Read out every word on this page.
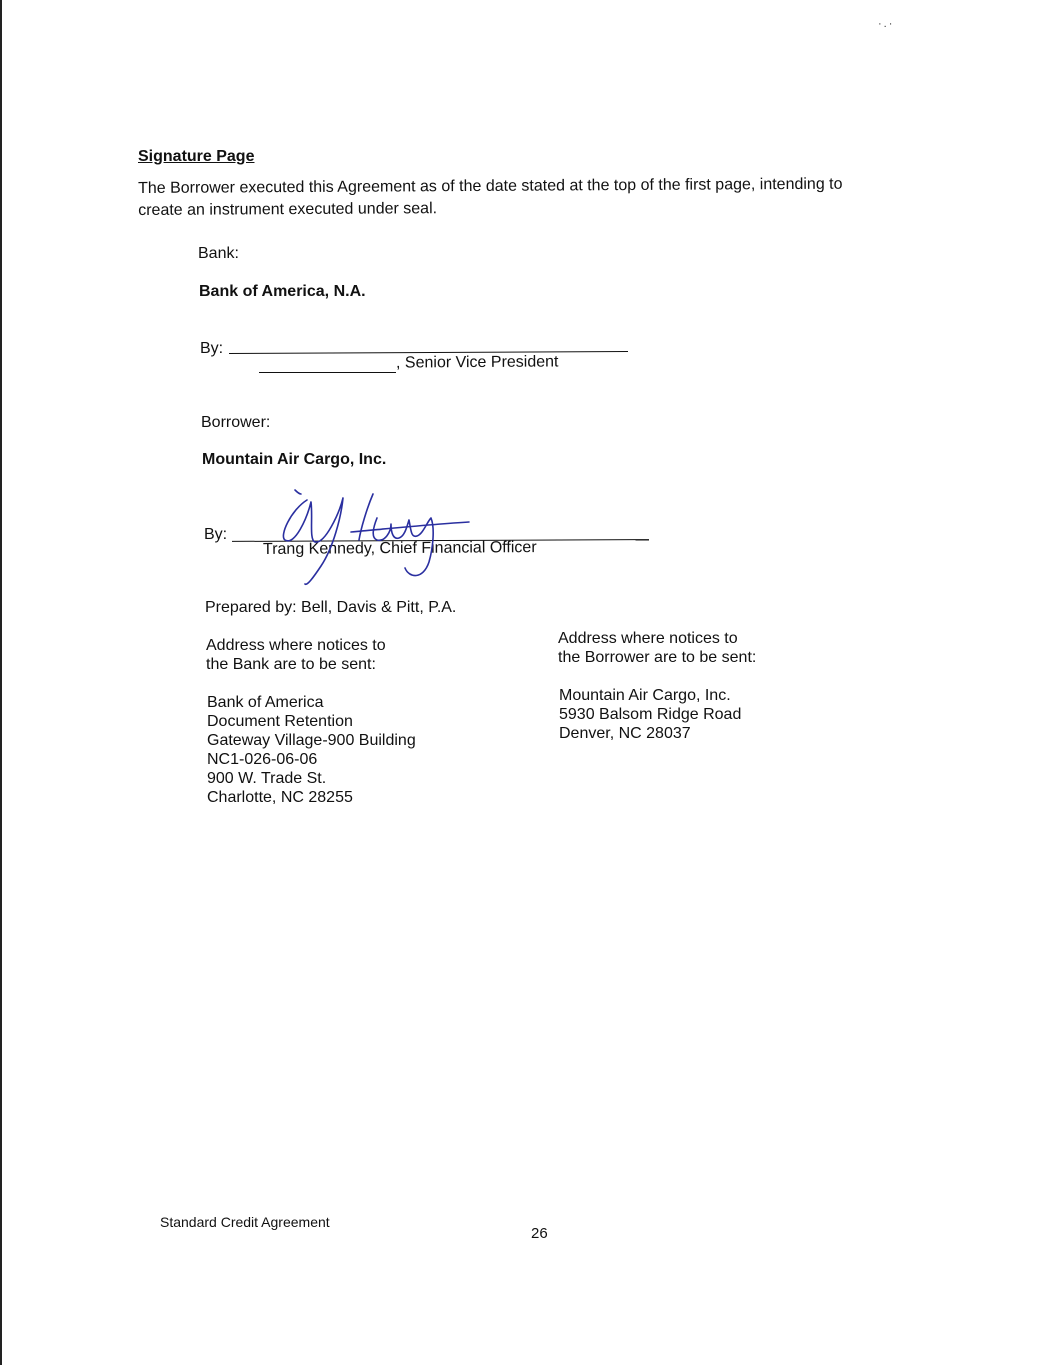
·.·
Signature Page
The Borrower executed this Agreement as of the date stated at the top of the first page, intending to create an instrument executed under seal.
Bank:
Bank of America, N.A.
By:
, Senior Vice President
Borrower:
Mountain Air Cargo, Inc.
By:
Trang Kennedy, Chief Financial Officer
Prepared by: Bell, Davis & Pitt, P.A.
Address where notices to
the Bank are to be sent:
Bank of America
Document Retention
Gateway Village-900 Building
NC1-026-06-06
900 W. Trade St.
Charlotte, NC 28255
Address where notices to
the Borrower are to be sent:
Mountain Air Cargo, Inc.
5930 Balsom Ridge Road
Denver, NC 28037
Standard Credit Agreement
26
